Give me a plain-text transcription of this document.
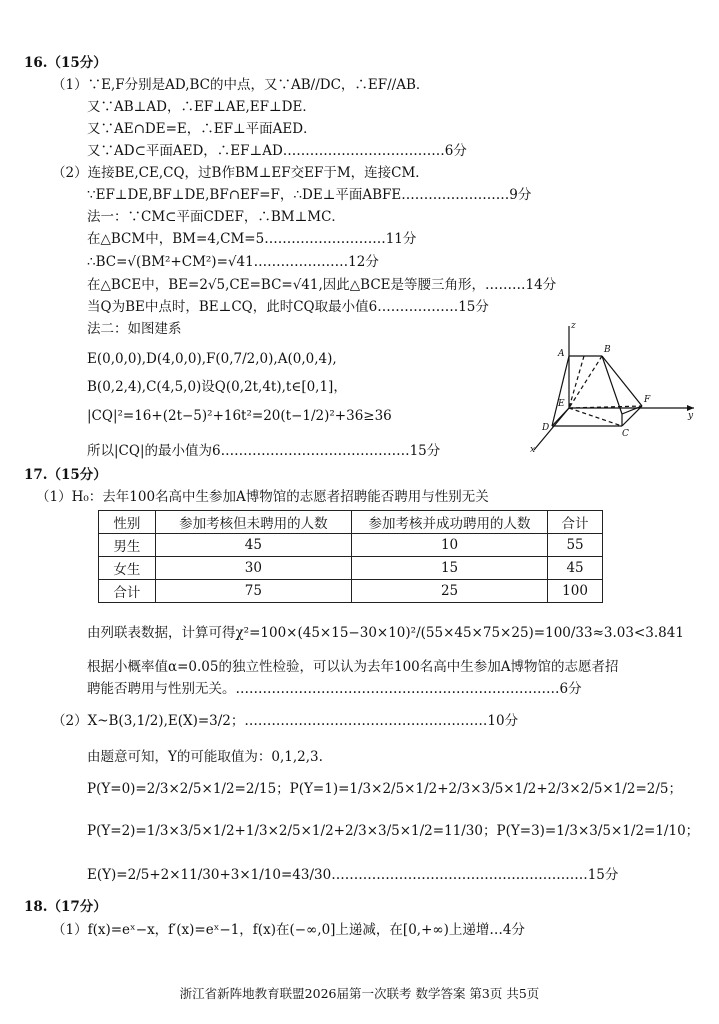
16.（15分）
（1）∵E,F分别是AD,BC的中点，又∵AB//DC，∴EF//AB．
又∵AB⊥AD，∴EF⊥AE,EF⊥DE．
又∵AE∩DE=E，∴EF⊥平面AED．
又∵AD⊂平面AED，∴EF⊥AD………………………………6分
（2）连接BE,CE,CQ，过B作BM⊥EF交EF于M，连接CM．
∵EF⊥DE,BF⊥DE,BF∩EF=F，∴DE⊥平面ABFE……………………9分
法一：∵CM⊂平面CDEF，∴BM⊥MC．
在△BCM中，BM=4,CM=5………………………11分
∴BC=√(BM²+CM²)=√41…………………12分
在△BCE中，BE=2√5,CE=BC=√41,因此△BCE是等腰三角形，………14分
当Q为BE中点时，BE⊥CQ，此时CQ取最小值6………………15分
法二：如图建系
E(0,0,0),D(4,0,0),F(0,7/2,0),A(0,0,4),
B(0,2,4),C(4,5,0)设Q(0,2t,4t),t∈[0,1]，
|CQ|²=16+(2t−5)²+16t²=20(t−1/2)²+36≥36
所以|CQ|的最小值为6……………………………………15分
z
A	B
E	F
y
D
C
x
17.（15分）
（1）H₀：去年100名高中生参加A博物馆的志愿者招聘能否聘用与性别无关
性别	参加考核但未聘用的人数	参加考核并成功聘用的人数	合计
男生	45	10	55
女生	30	15	45
合计	75	25	100
由列联表数据，计算可得χ²=100×(45×15−30×10)²/(55×45×75×25)=100/33≈3.03<3.841
根据小概率值α=0.05的独立性检验，可以认为去年100名高中生参加A博物馆的志愿者招
聘能否聘用与性别无关。………………………………………………………………6分
（2）X~B(3,1/2),E(X)=3/2；………………………………………………10分
由题意可知，Y的可能取值为：0,1,2,3.
P(Y=0)=2/3×2/5×1/2=2/15；P(Y=1)=1/3×2/5×1/2+2/3×3/5×1/2+2/3×2/5×1/2=2/5；
P(Y=2)=1/3×3/5×1/2+1/3×2/5×1/2+2/3×3/5×1/2=11/30；P(Y=3)=1/3×3/5×1/2=1/10；
E(Y)=2/5+2×11/30+3×1/10=43/30…………………………………………………15分
18.（17分）
（1）f(x)=eˣ−x，f′(x)=eˣ−1，f(x)在(−∞,0]上递减，在[0,+∞)上递增…4分
浙江省新阵地教育联盟2026届第一次联考 数学答案 第3页 共5页
